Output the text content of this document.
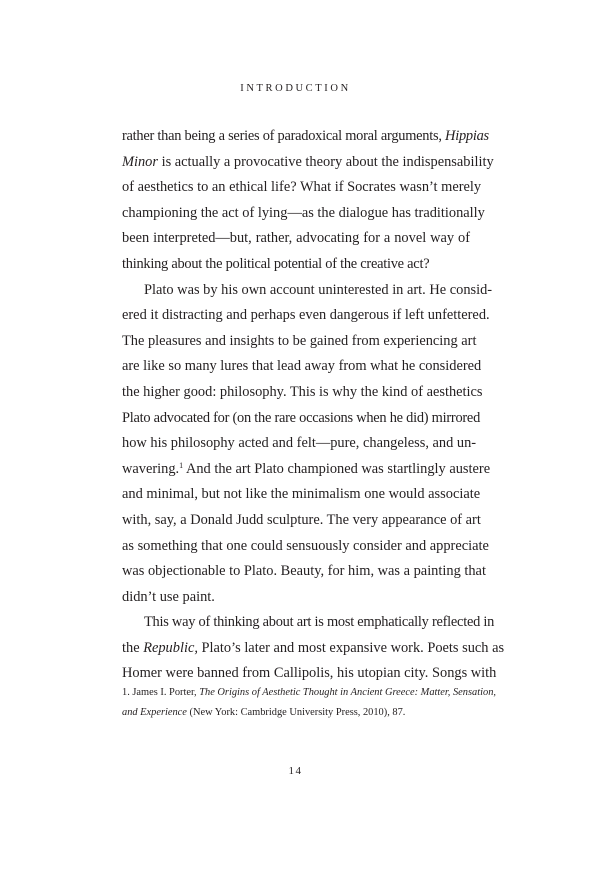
INTRODUCTION
rather than being a series of paradoxical moral arguments, Hippias
Minor is actually a provocative theory about the indispensability
of aesthetics to an ethical life? What if Socrates wasn’t merely
championing the act of lying—as the dialogue has traditionally
been interpreted—but, rather, advocating for a novel way of
thinking about the political potential of the creative act?
Plato was by his own account uninterested in art. He consid-
ered it distracting and perhaps even dangerous if left unfettered.
The pleasures and insights to be gained from experiencing art
are like so many lures that lead away from what he considered
the higher good: philosophy. This is why the kind of aesthetics
Plato advocated for (on the rare occasions when he did) mirrored
how his philosophy acted and felt—pure, changeless, and un-
wavering.$^1$ And the art Plato championed was startlingly austere
and minimal, but not like the minimalism one would associate
with, say, a Donald Judd sculpture. The very appearance of art
as something that one could sensuously consider and appreciate
was objectionable to Plato. Beauty, for him, was a painting that
didn’t use paint.
This way of thinking about art is most emphatically reflected in
the Republic, Plato’s later and most expansive work. Poets such as
Homer were banned from Callipolis, his utopian city. Songs with
1. James I. Porter, The Origins of Aesthetic Thought in Ancient Greece: Matter, Sensation,
and Experience (New York: Cambridge University Press, 2010), 87.
14
